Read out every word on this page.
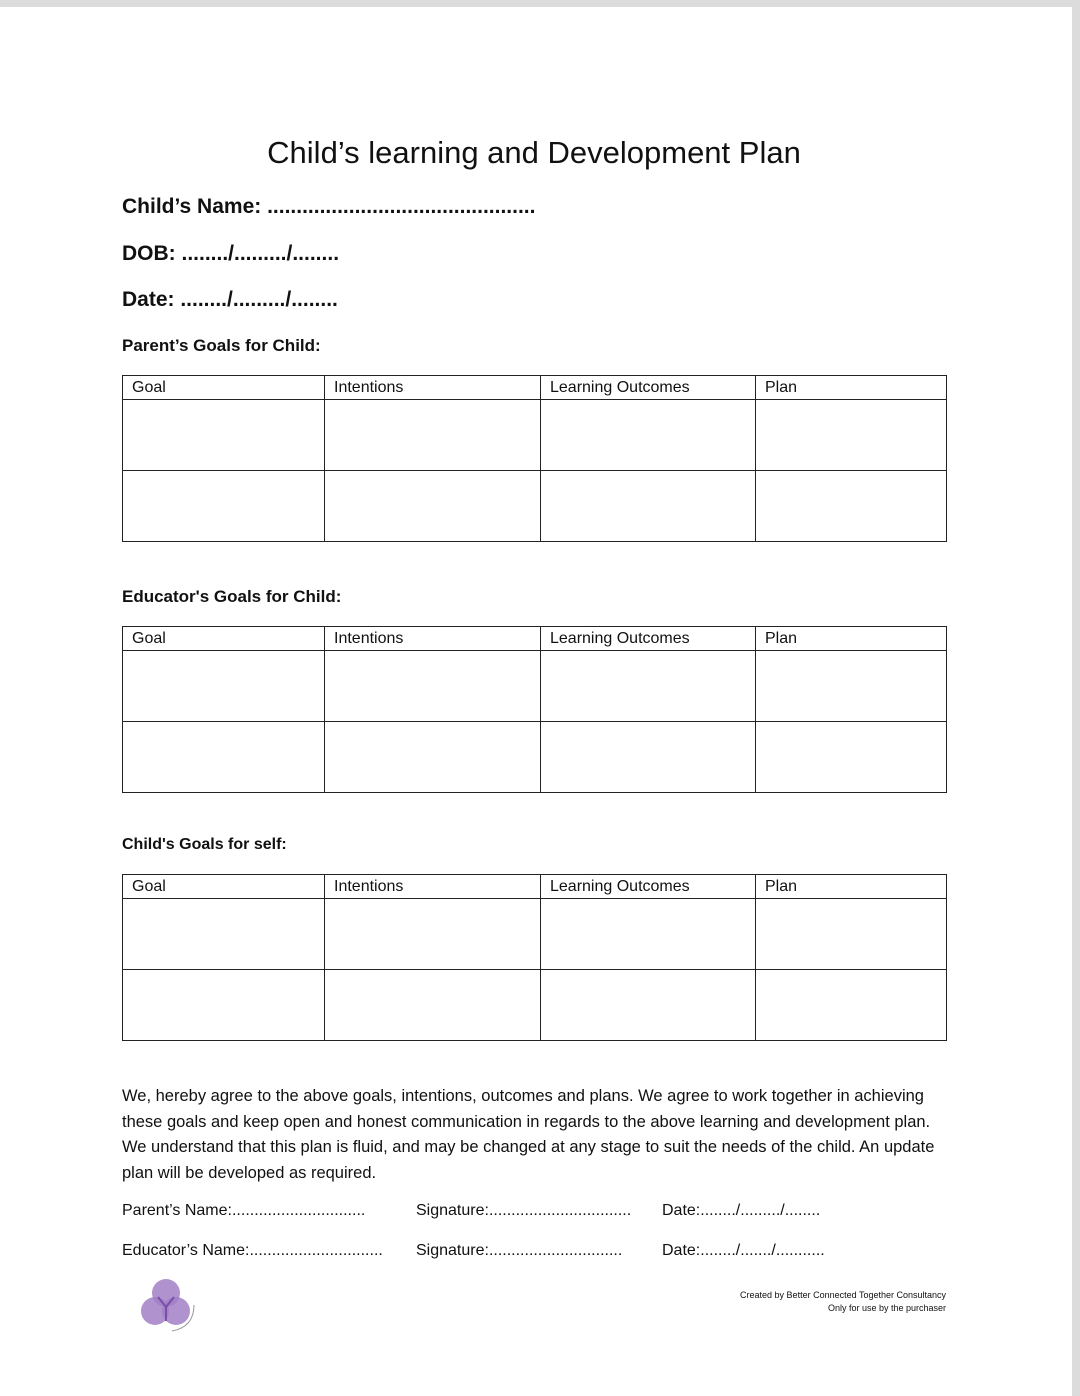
Child’s learning and Development Plan
Child’s Name: ..............................................
DOB: ......../........./........
Date: ......../........./........
Parent’s Goals for Child:
Goal	Intentions	Learning Outcomes	Plan

Educator's Goals for Child:
Goal	Intentions	Learning Outcomes	Plan

Child's Goals for self:
Goal	Intentions	Learning Outcomes	Plan

We, hereby agree to the above goals, intentions, outcomes and plans. We agree to work together in achieving these goals and keep open and honest communication in regards to the above learning and development plan. We understand that this plan is fluid, and may be changed at any stage to suit the needs of the child. An update plan will be developed as required.
Parent’s Name:..............................	Signature:................................ Date:......../........./........
Educator’s Name:.............................. Signature:.............................. Date:......../......./...........
Created by Better Connected Together Consultancy
Only for use by the purchaser
